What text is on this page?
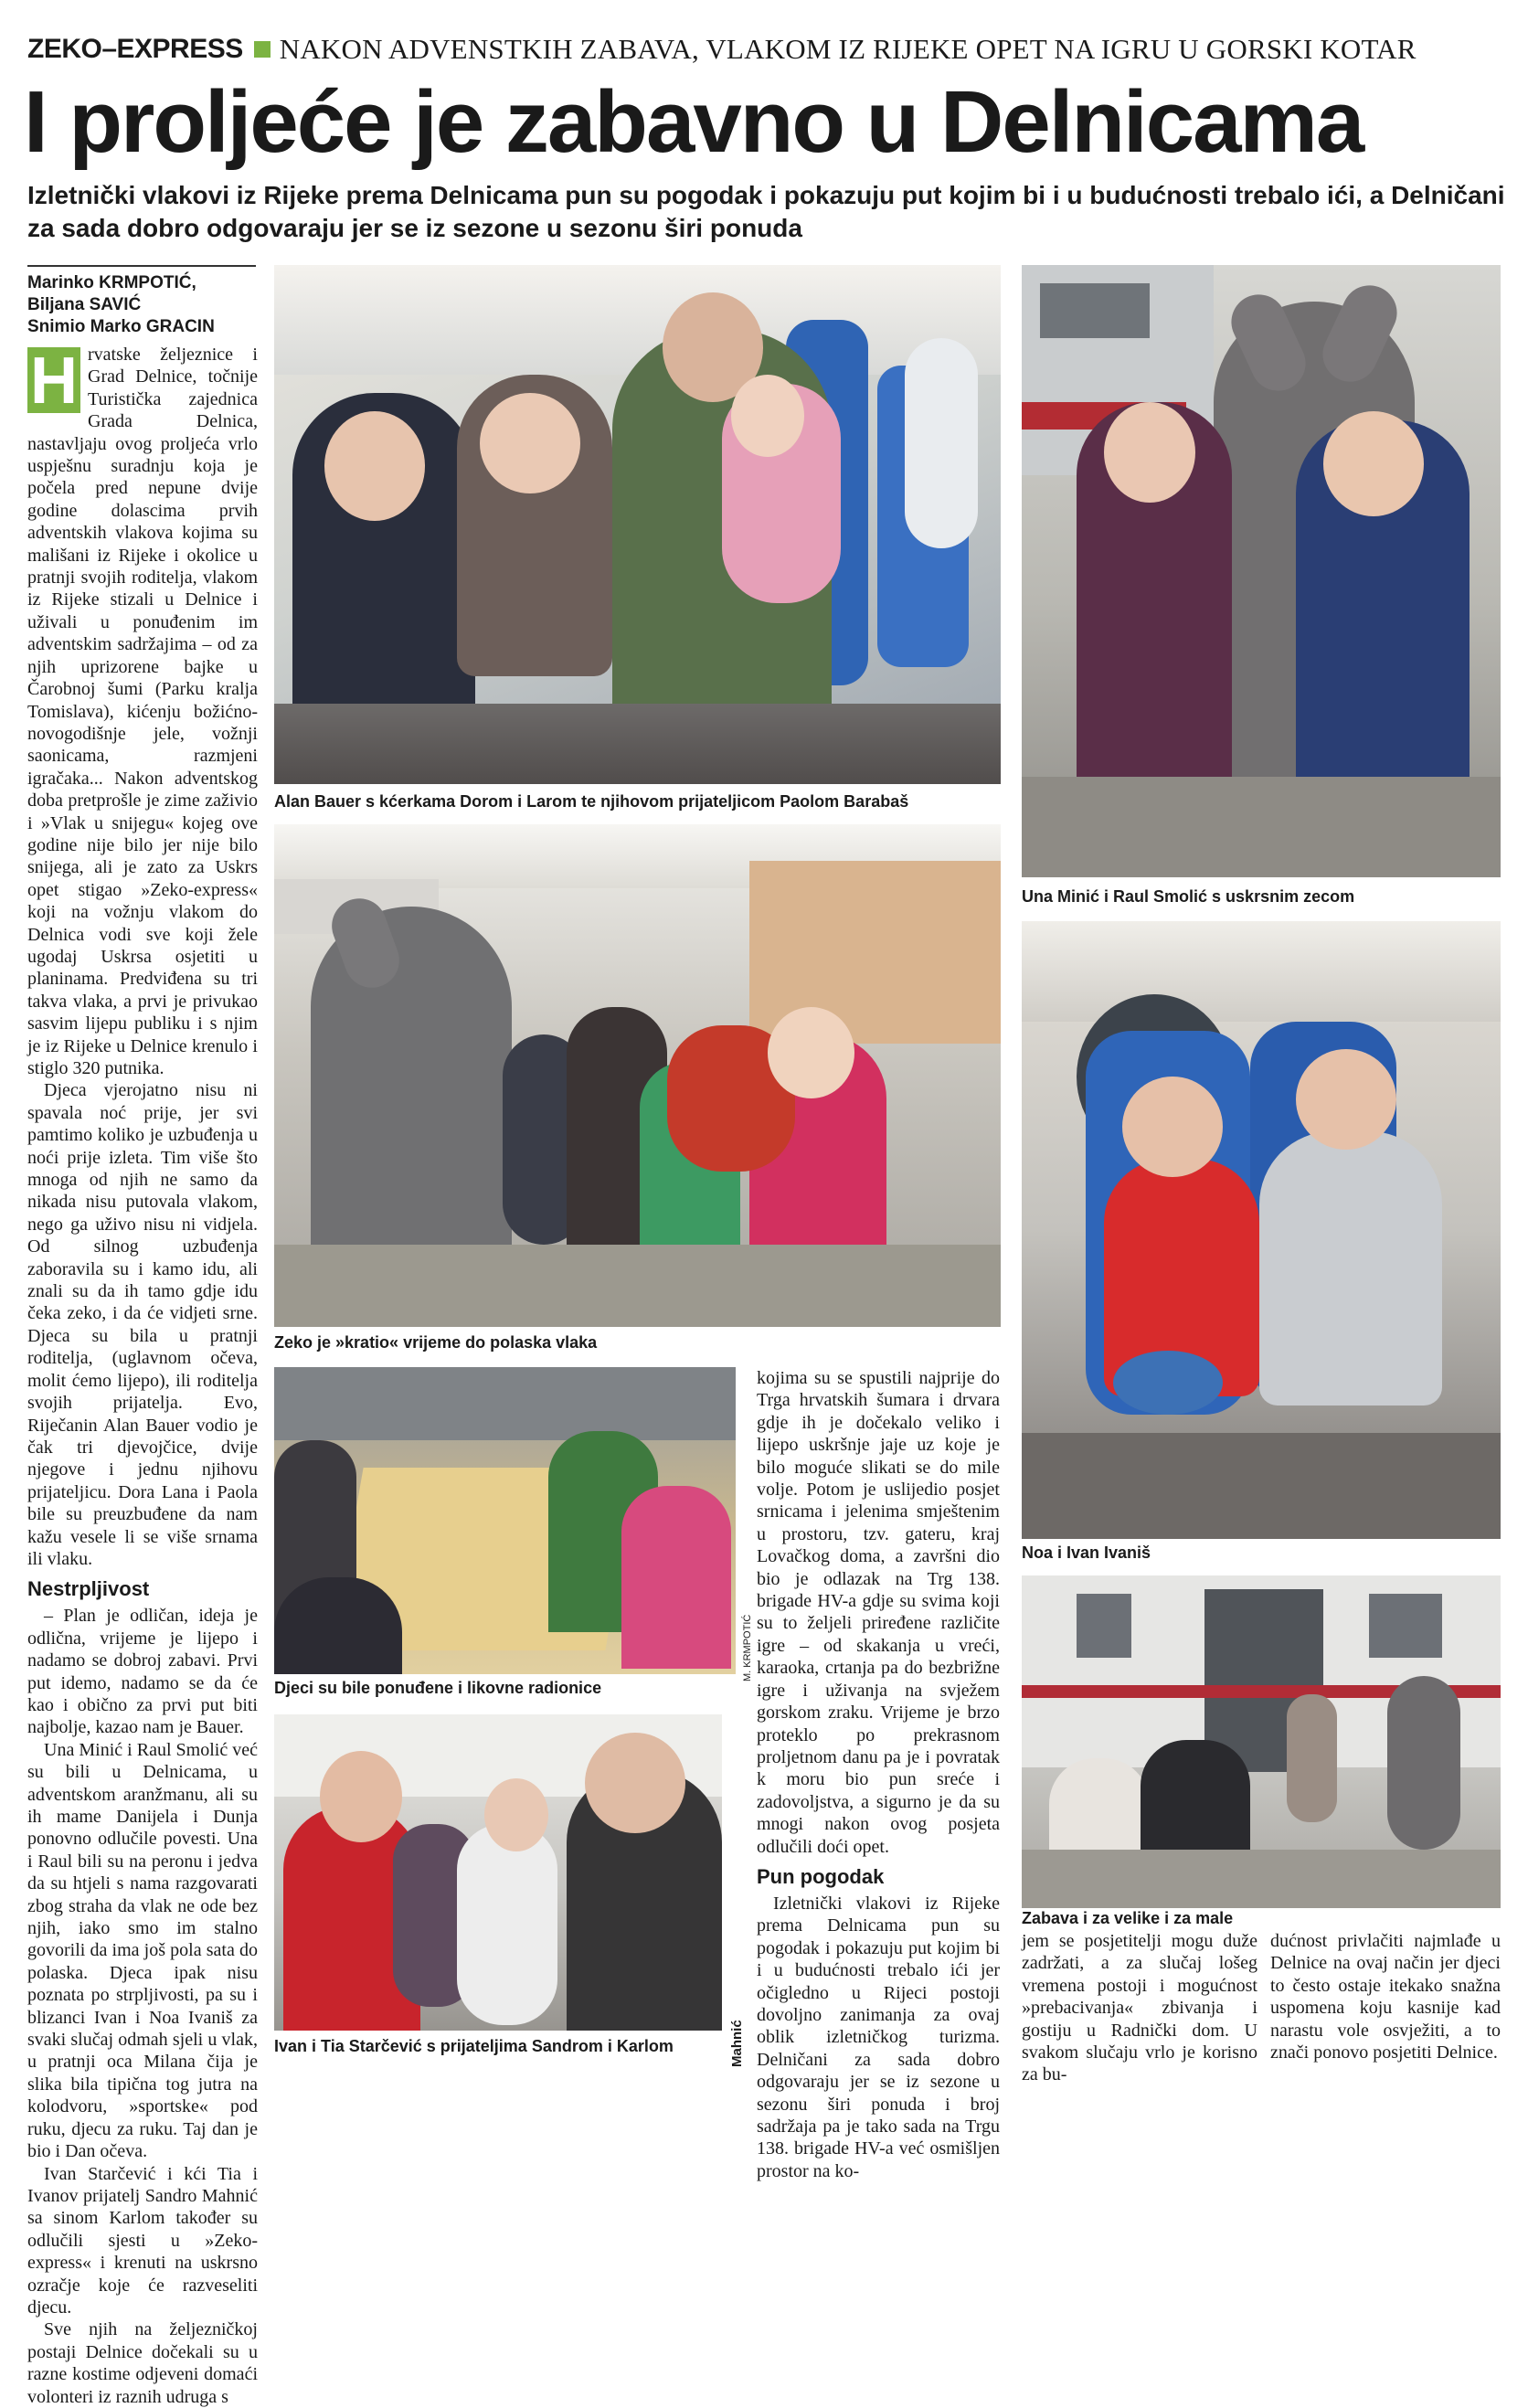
ZEKO–EXPRESS NAKON ADVENSTKIH ZABAVA, VLAKOM IZ RIJEKE OPET NA IGRU U GORSKI KOTAR
I proljeće je zabavno u Delnicama

Izletnički vlakovi iz Rijeke prema Delnicama pun su pogodak i pokazuju put kojim bi i u budućnosti trebalo ići, a Delničani za sada dobro odgovaraju jer se iz sezone u sezonu širi ponuda

Marinko KRMPOTIĆ,
Biljana SAVIĆ
Snimio Marko GRACIN
H rvatske željeznice i Grad Delnice, točnije Turistička zajednica Grada Delnica, nastavljaju ovog proljeća vrlo uspješnu suradnju koja je počela pred nepune dvije godine dolascima prvih adventskih vlakova kojima su mališani iz Rijeke i okolice u pratnji svojih roditelja, vlakom iz Rijeke stizali u Delnice i uživali u ponuđenim im adventskim sadržajima – od za njih uprizorene bajke u Čarobnoj šumi (Parku kralja Tomislava), kićenju božićno-novogodišnje jele, vožnji saonicama, razmjeni igračaka... Nakon adventskog doba pretprošle je zime zaživio i »Vlak u snijegu« kojeg ove godine nije bilo jer nije bilo snijega, ali je zato za Uskrs opet stigao »Zeko-express« koji na vožnju vlakom do Delnica vodi sve koji žele ugodaj Uskrsa osjetiti u planinama. Predviđena su tri takva vlaka, a prvi je privukao sasvim lijepu publiku i s njim je iz Rijeke u Delnice krenulo i stiglo 320 putnika.

Djeca vjerojatno nisu ni spavala noć prije, jer svi pamtimo koliko je uzbuđenja u noći prije izleta. Tim više što mnoga od njih ne samo da nikada nisu putovala vlakom, nego ga uživo nisu ni vidjela. Od silnog uzbuđenja zaboravila su i kamo idu, ali znali su da ih tamo gdje idu čeka zeko, i da će vidjeti srne. Djeca su bila u pratnji roditelja, (uglavnom očeva, molit ćemo lijepo), ili roditelja svojih prijatelja. Evo, Riječanin Alan Bauer vodio je čak tri djevojčice, dvije njegove i jednu njihovu prijateljicu. Dora Lana i Paola bile su preuzbuđene da nam kažu vesele li se više srnama ili vlaku.

Nestrpljivost

– Plan je odličan, ideja je odlična, vrijeme je lijepo i nadamo se dobroj zabavi. Prvi put idemo, nadamo se da će kao i obično za prvi put biti najbolje, kazao nam je Bauer.

Una Minić i Raul Smolić već su bili u Delnicama, u adventskom aranžmanu, ali su ih mame Danijela i Dunja ponovno odlučile povesti. Una i Raul bili su na peronu i jedva da su htjeli s nama razgovarati zbog straha da vlak ne ode bez njih, iako smo im stalno govorili da ima još pola sata do polaska. Djeca ipak nisu poznata po strpljivosti, pa su i blizanci Ivan i Noa Ivaniš za svaki slučaj odmah sjeli u vlak, u pratnji oca Milana čija je slika bila tipična tog jutra na kolodvoru, »sportske« pod ruku, djecu za ruku. Taj dan je bio i Dan očeva.

Ivan Starčević i kći Tia i Ivanov prijatelj Sandro Mahnić sa sinom Karlom također su odlučili sjesti u »Zeko-express« i krenuti na uskrsno ozračje koje će razveseliti djecu.

Sve njih na željezničkoj postaji Delnice dočekali su u razne kostime odjeveni domaći volonteri iz raznih udruga s

kojima su se spustili najprije do Trga hrvatskih šumara i drvara gdje ih je dočekalo veliko i lijepo uskršnje jaje uz koje je bilo moguće slikati se do mile volje. Potom je uslijedio posjet srnicama i jelenima smještenim u prostoru, tzv. gateru, kraj Lovačkog doma, a završni dio bio je odlazak na Trg 138. brigade HV-a gdje su svima koji su to željeli priređene različite igre – od skakanja u vreći, karaoka, crtanja pa do bezbrižne igre i uživanja na svježem gorskom zraku. Vrijeme je brzo proteklo po prekrasnom proljetnom danu pa je i povratak k moru bio pun sreće i zadovoljstva, a sigurno je da su mnogi nakon ovog posjeta odlučili doći opet.

Pun pogodak

Izletnički vlakovi iz Rijeke prema Delnicama pun su pogodak i pokazuju put kojim bi i u budućnosti trebalo ići jer očigledno u Rijeci postoji dovoljno zanimanja za ovaj oblik izletničkog turizma. Delničani za sada dobro odgovaraju jer se iz sezone u sezonu širi ponuda i broj sadržaja pa je tako sada na Trgu 138. brigade HV-a već osmišljen prostor na ko-

jem se posjetitelji mogu duže zadržati, a za slučaj lošeg vremena postoji i mogućnost »prebacivanja« zbivanja i gostiju u Radnički dom. U svakom slučaju vrlo je korisno za bu-

dućnost privlačiti najmlađe u Delnice na ovaj način jer djeci to često ostaje itekako snažna uspomena koju kasnije kad narastu vole osvježiti, a to znači ponovo posjetiti Delnice.

Alan Bauer s kćerkama Dorom i Larom te njihovom prijateljicom Paolom Barabaš
Una Minić i Raul Smolić s uskrsnim zecom
Zeko je »kratio« vrijeme do polaska vlaka
Noa i Ivan Ivaniš
M. KRMPOTIĆ
Dјeci su bile ponuđene i likovne radionice
Zabava i za velike i za male
Mahnić
Ivan i Tia Starčević s prijateljima Sandrom i Karlom
